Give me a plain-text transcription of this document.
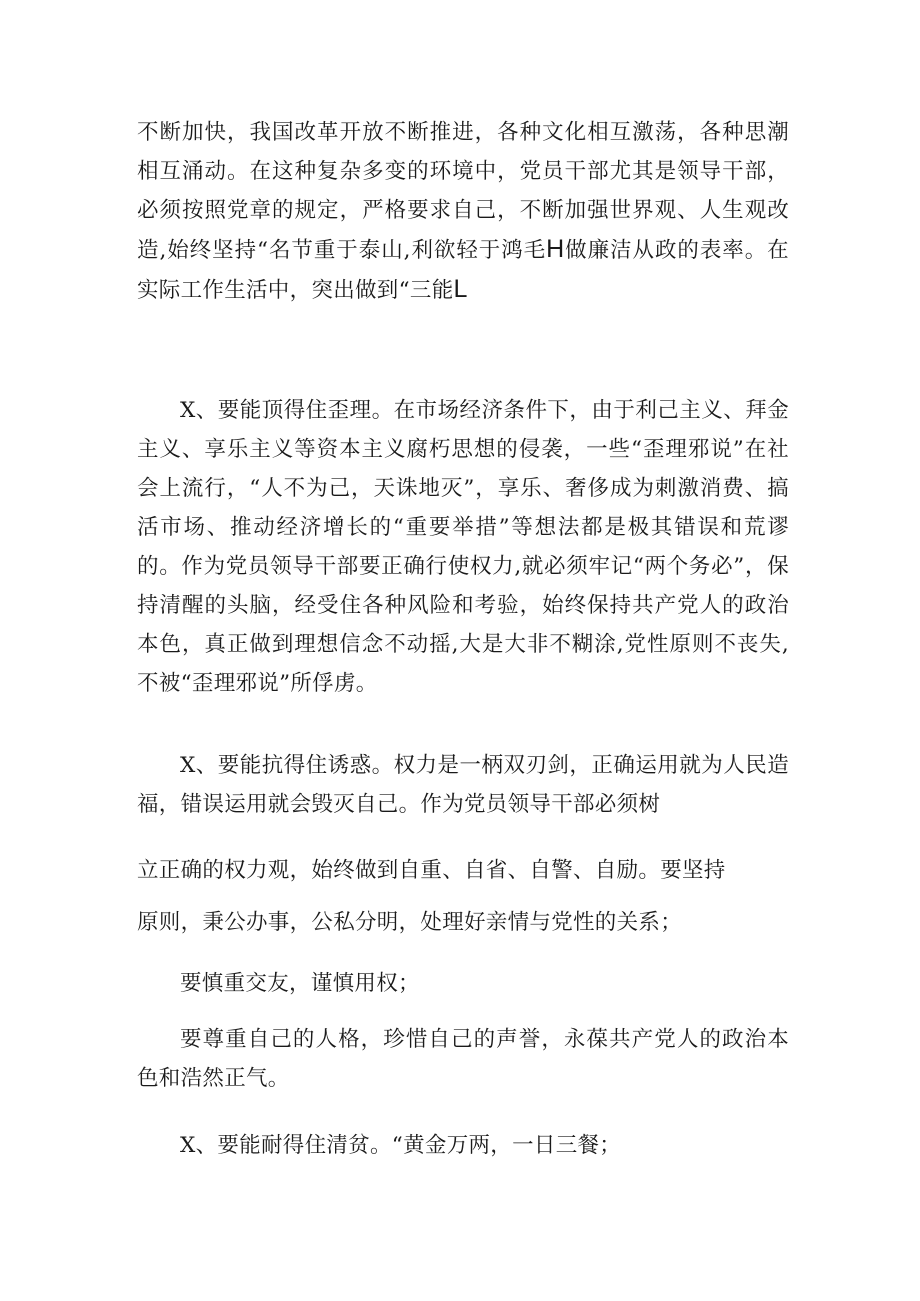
不断加快，我国改革开放不断推进，各种文化相互激荡，各种思潮相互涌动。在这种复杂多变的环境中，党员干部尤其是领导干部，必须按照党章的规定，严格要求自己，不断加强世界观、人生观改造,始终坚持“名节重于泰山,利欲轻于鸿毛H做廉洁从政的表率。在实际工作生活中，突出做到“三能L

X、要能顶得住歪理。在市场经济条件下，由于利己主义、拜金主义、享乐主义等资本主义腐朽思想的侵袭，一些“歪理邪说”在社会上流行，“人不为己，天诛地灭”，享乐、奢侈成为刺激消费、搞活市场、推动经济增长的“重要举措”等想法都是极其错误和荒谬的。作为党员领导干部要正确行使权力,就必须牢记“两个务必”，保持清醒的头脑，经受住各种风险和考验，始终保持共产党人的政治本色，真正做到理想信念不动摇,大是大非不糊涂,党性原则不丧失,不被“歪理邪说”所俘虏。

X、要能抗得住诱惑。权力是一柄双刃剑，正确运用就为人民造福，错误运用就会毁灭自己。作为党员领导干部必须树

立正确的权力观，始终做到自重、自省、自警、自励。要坚持

原则，秉公办事，公私分明，处理好亲情与党性的关系；

要慎重交友，谨慎用权；

要尊重自己的人格，珍惜自己的声誉，永葆共产党人的政治本色和浩然正气。

X、要能耐得住清贫。“黄金万两，一日三餐；
